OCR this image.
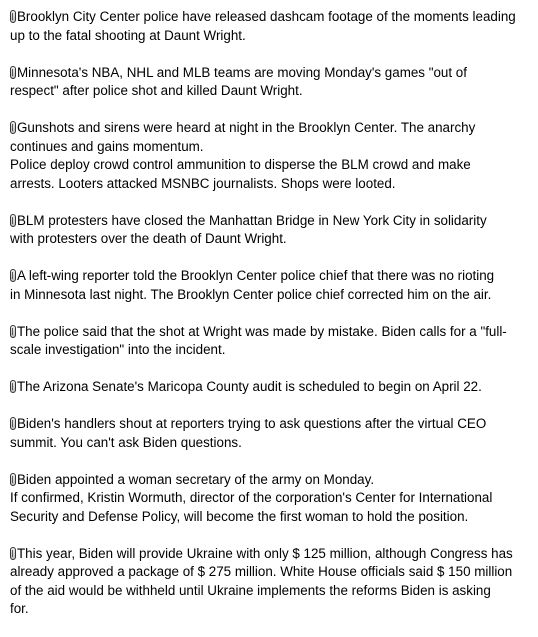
Brooklyn City Center police have released dashcam footage of the moments leading
up to the fatal shooting at Daunt Wright.
Minnesota's NBA, NHL and MLB teams are moving Monday's games "out of
respect" after police shot and killed Daunt Wright.
Gunshots and sirens were heard at night in the Brooklyn Center. The anarchy
continues and gains momentum.
Police deploy crowd control ammunition to disperse the BLM crowd and make
arrests. Looters attacked MSNBC journalists. Shops were looted.
BLM protesters have closed the Manhattan Bridge in New York City in solidarity
with protesters over the death of Daunt Wright.
A left-wing reporter told the Brooklyn Center police chief that there was no rioting
in Minnesota last night. The Brooklyn Center police chief corrected him on the air.
The police said that the shot at Wright was made by mistake. Biden calls for a "full-
scale investigation" into the incident.
The Arizona Senate's Maricopa County audit is scheduled to begin on April 22.
Biden's handlers shout at reporters trying to ask questions after the virtual CEO
summit. You can't ask Biden questions.
Biden appointed a woman secretary of the army on Monday.
If confirmed, Kristin Wormuth, director of the corporation's Center for International
Security and Defense Policy, will become the first woman to hold the position.
This year, Biden will provide Ukraine with only $ 125 million, although Congress has
already approved a package of $ 275 million. White House officials said $ 150 million
of the aid would be withheld until Ukraine implements the reforms Biden is asking
for.
